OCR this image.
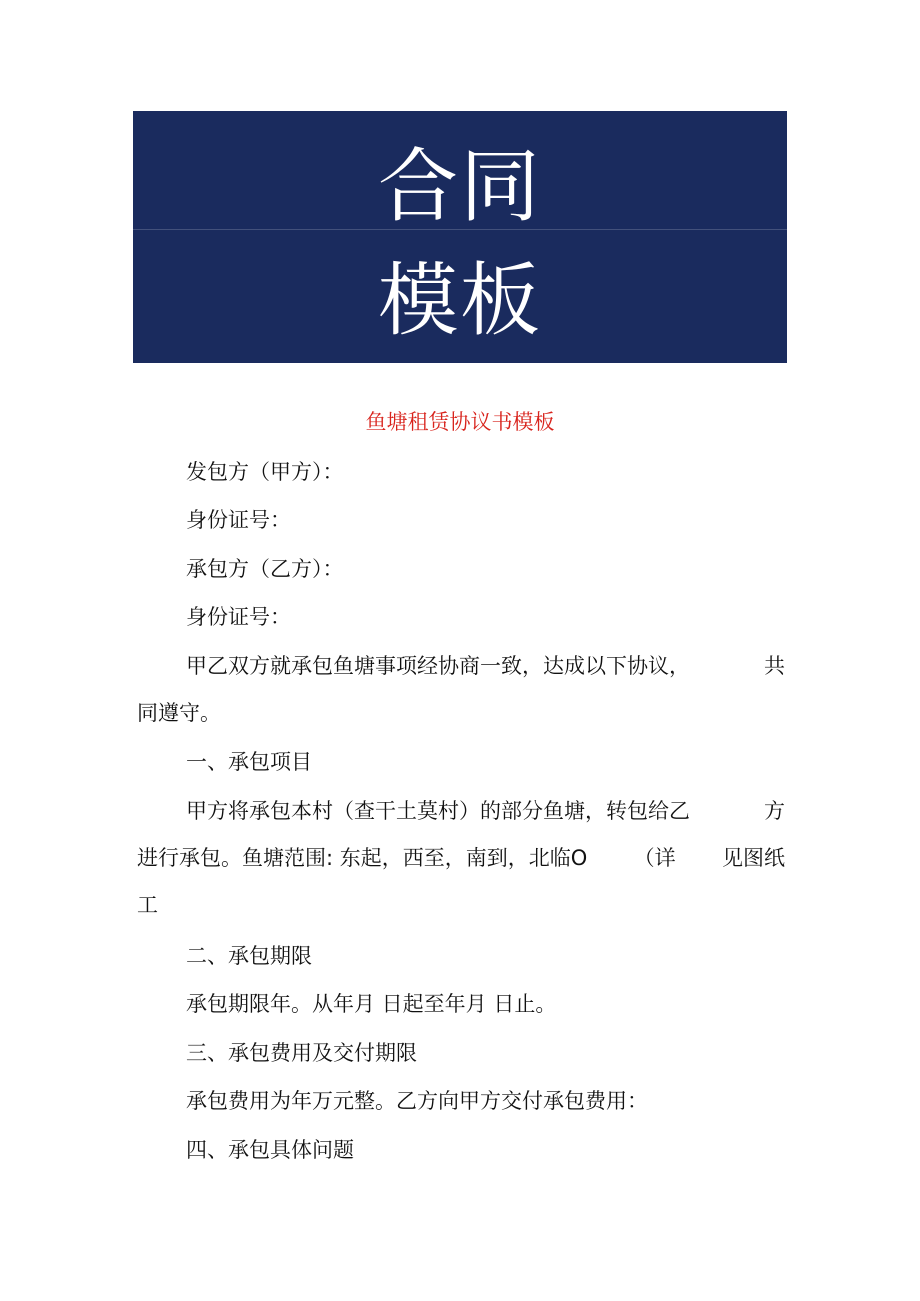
合同
模板
鱼塘租赁协议书模板
发包方（甲方）：
身份证号：
承包方（乙方）：
身份证号：
甲乙双方就承包鱼塘事项经协商一致，达成以下协议，	共
同遵守。
一、承包项目
甲方将承包本村（查干土莫村）的部分鱼塘，转包给乙	方
进行承包。鱼塘范围: 东起，西至，南到，北临O （详 见图纸
工
二、承包期限
承包期限年。从年月 日起至年月 日止。
三、承包费用及交付期限
承包费用为年万元整。乙方向甲方交付承包费用：
四、承包具体问题
